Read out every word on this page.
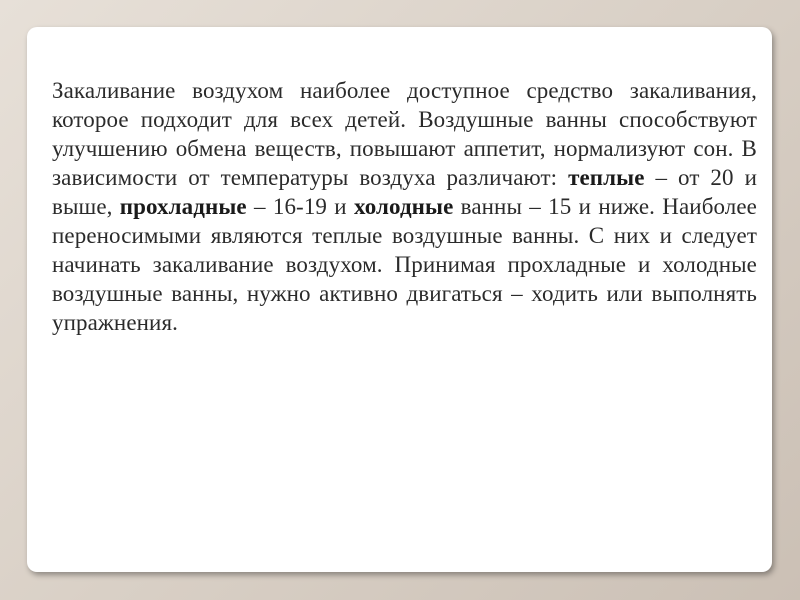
Закаливание воздухом наиболее доступное средство закаливания, которое подходит для всех детей. Воздушные ванны способствуют улучшению обмена веществ, повышают аппетит, нормализуют сон. В зависимости от температуры воздуха различают: теплые – от 20 и выше, прохладные – 16-19 и холодные ванны – 15 и ниже. Наиболее переносимыми являются теплые воздушные ванны. С них и следует начинать закаливание воздухом. Принимая прохладные и холодные воздушные ванны, нужно активно двигаться – ходить или выполнять упражнения.
